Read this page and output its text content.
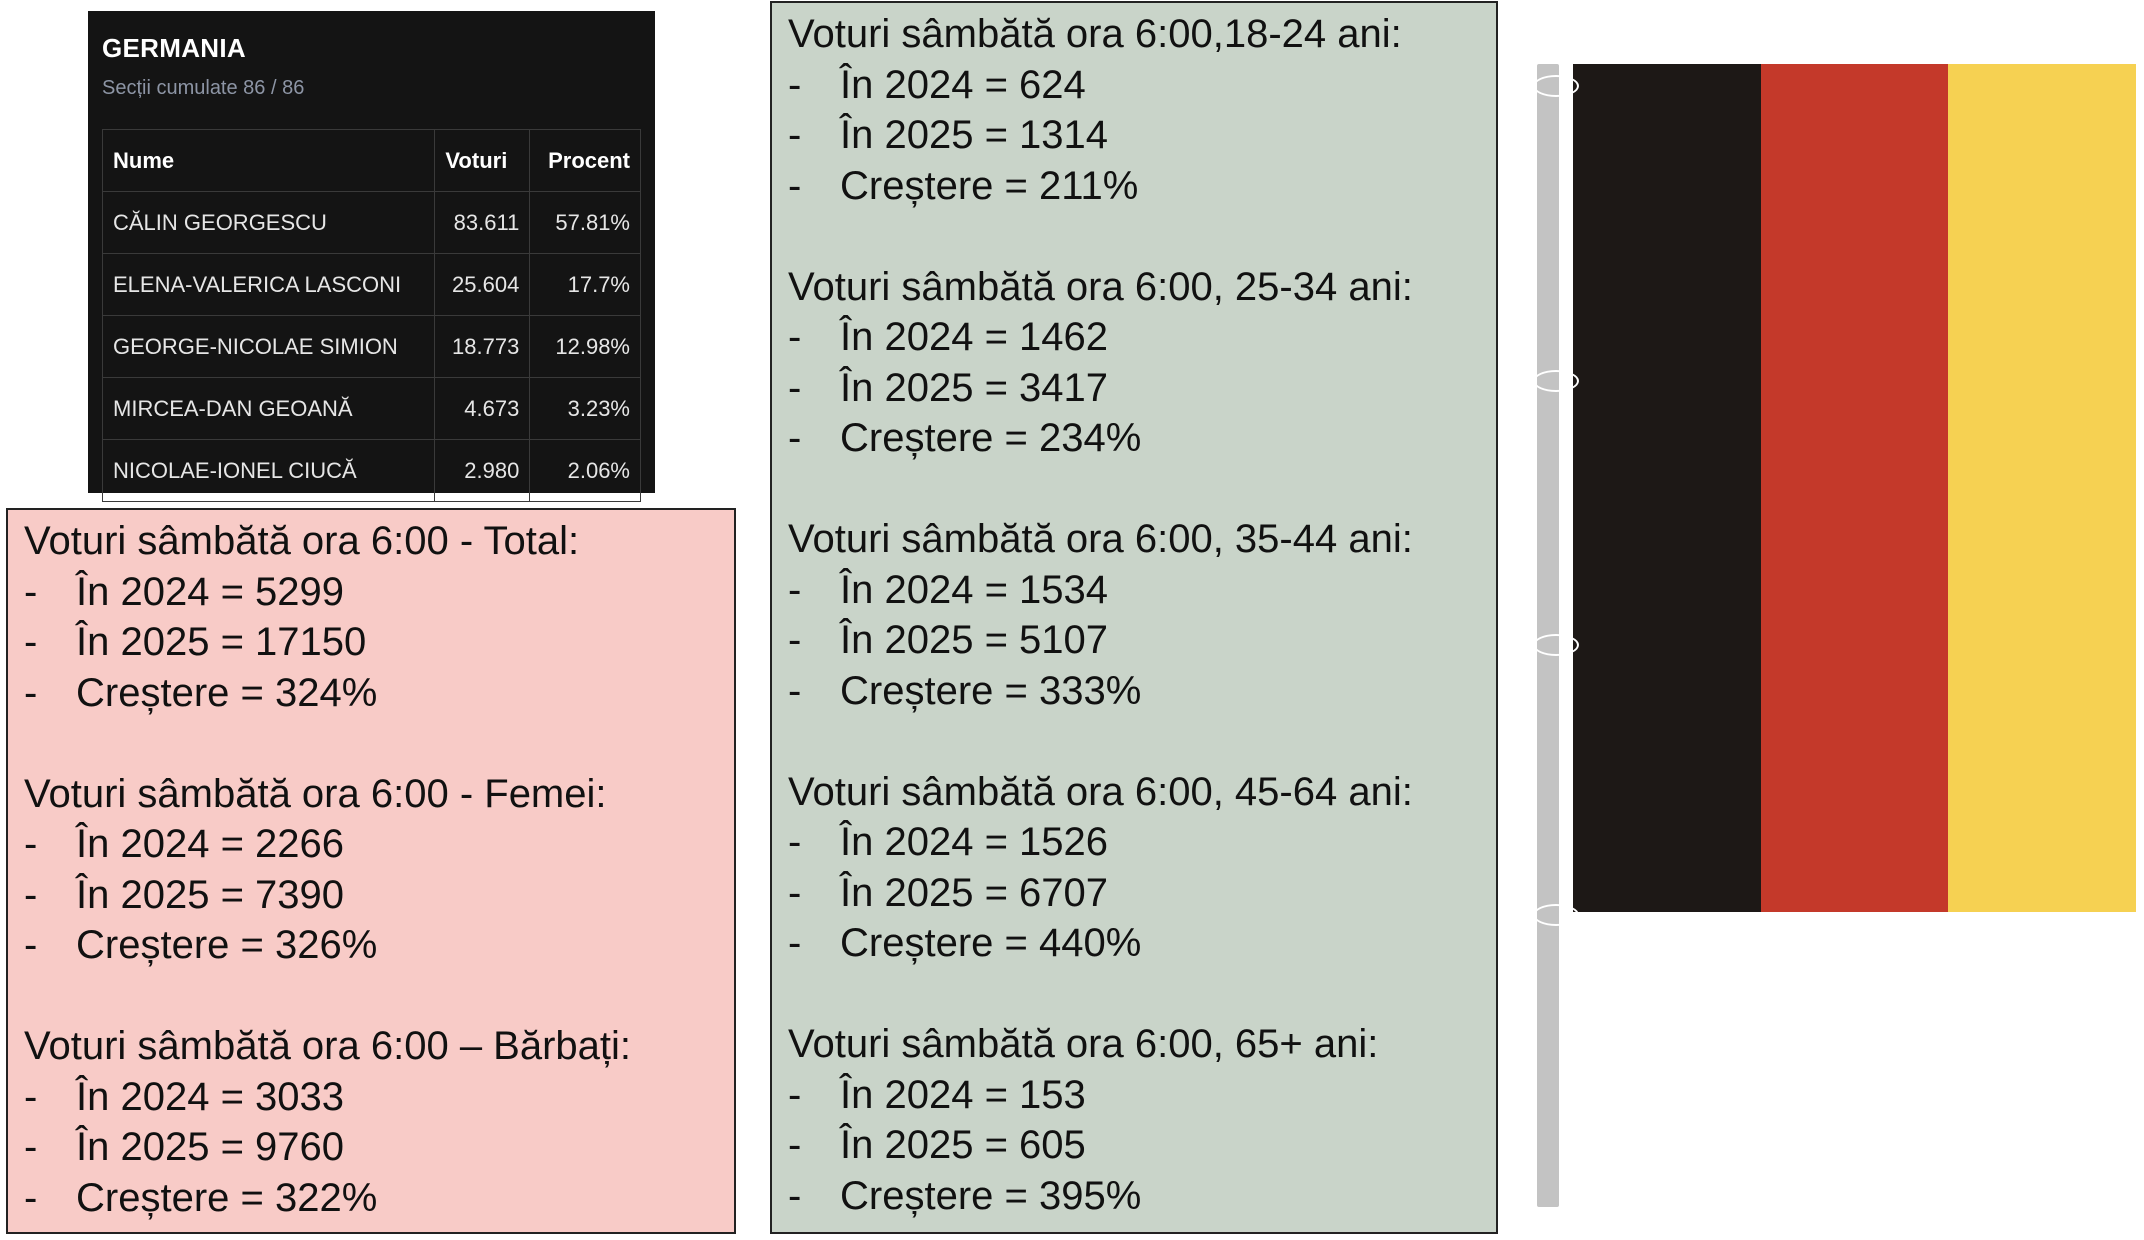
GERMANIA
Secții cumulate 86 / 86
Nume	Voturi	Procent
CĂLIN GEORGESCU	83.611	57.81%
ELENA-VALERICA LASCONI	25.604	17.7%
GEORGE-NICOLAE SIMION	18.773	12.98%
MIRCEA-DAN GEOANĂ	4.673	3.23%
NICOLAE-IONEL CIUCĂ	2.980	2.06%
Voturi sâmbătă ora 6:00 - Total:
- În 2024 = 5299
- În 2025 = 17150
- Creștere = 324%
Voturi sâmbătă ora 6:00 - Femei:
- În 2024 = 2266
- În 2025 = 7390
- Creștere = 326%
Voturi sâmbătă ora 6:00 – Bărbați:
- În 2024 = 3033
- În 2025 = 9760
- Creștere = 322%
Voturi sâmbătă ora 6:00,18-24 ani:
- În 2024 = 624
- În 2025 = 1314
- Creștere = 211%
Voturi sâmbătă ora 6:00, 25-34 ani:
- În 2024 = 1462
- În 2025 = 3417
- Creștere = 234%
Voturi sâmbătă ora 6:00, 35-44 ani:
- În 2024 = 1534
- În 2025 = 5107
- Creștere = 333%
Voturi sâmbătă ora 6:00, 45-64 ani:
- În 2024 = 1526
- În 2025 = 6707
- Creștere = 440%
Voturi sâmbătă ora 6:00, 65+ ani:
- În 2024 = 153
- În 2025 = 605
- Creștere = 395%
